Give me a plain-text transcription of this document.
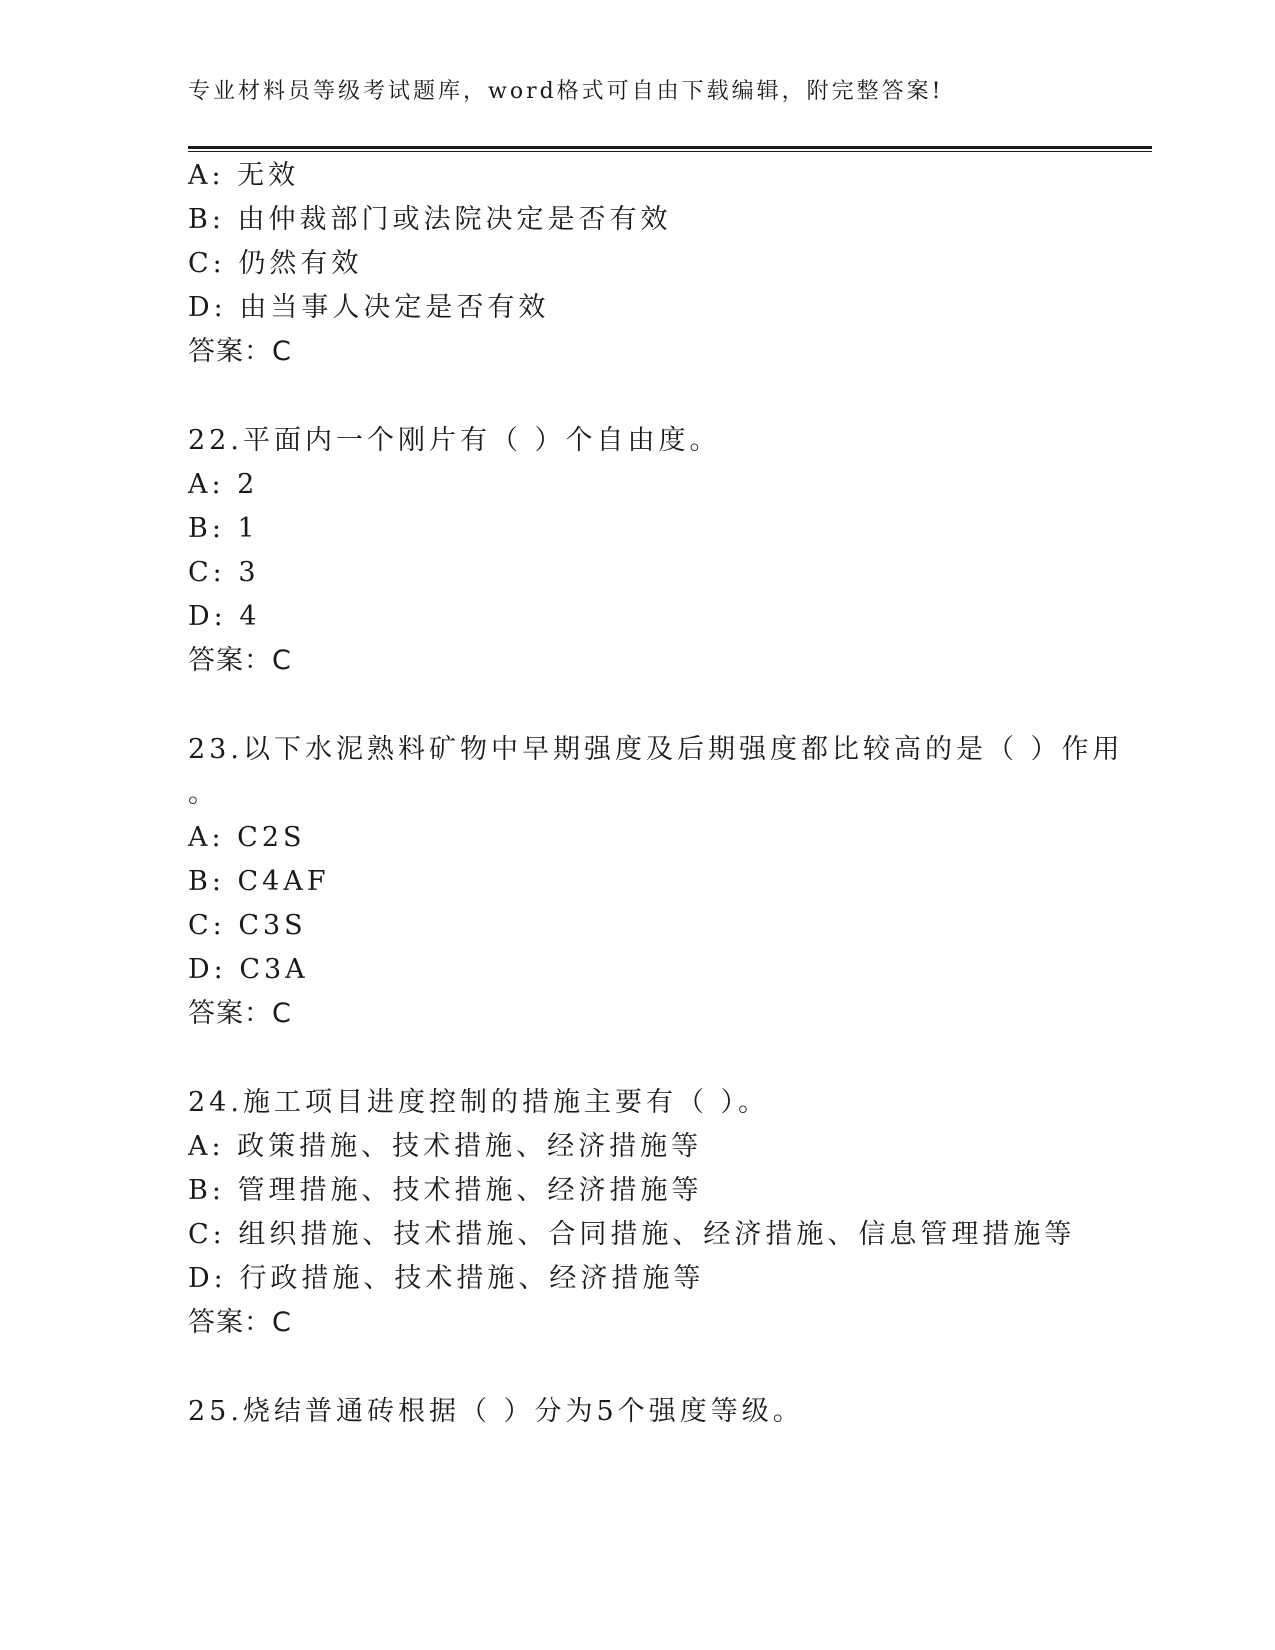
专业材料员等级考试题库，word格式可自由下载编辑，附完整答案!
A: 无效
B: 由仲裁部门或法院决定是否有效
C: 仍然有效
D: 由当事人决定是否有效
答案：C
22.平面内一个刚片有（ ）个自由度。
A: 2
B: 1
C: 3
D: 4
答案：C
23.以下水泥熟料矿物中早期强度及后期强度都比较高的是（ ）作用
。
A: C2S
B: C4AF
C: C3S
D: C3A
答案：C
24.施工项目进度控制的措施主要有（ ）。
A: 政策措施、技术措施、经济措施等
B: 管理措施、技术措施、经济措施等
C: 组织措施、技术措施、合同措施、经济措施、信息管理措施等
D: 行政措施、技术措施、经济措施等
答案：C
25.烧结普通砖根据（ ）分为5个强度等级。
